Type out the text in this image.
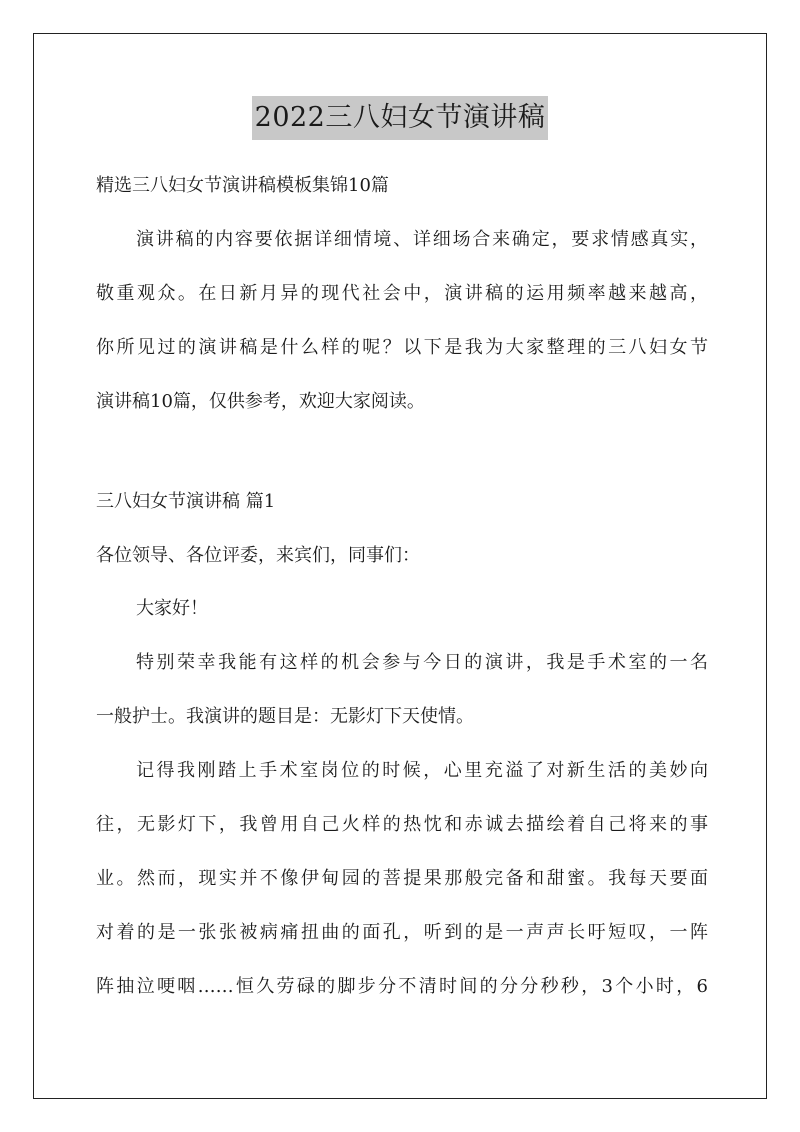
2022三八妇女节演讲稿
精选三八妇女节演讲稿模板集锦10篇
演讲稿的内容要依据详细情境、详细场合来确定，要求情感真实，
敬重观众。在日新月异的现代社会中，演讲稿的运用频率越来越高，
你所见过的演讲稿是什么样的呢？以下是我为大家整理的三八妇女节
演讲稿10篇，仅供参考，欢迎大家阅读。
三八妇女节演讲稿 篇1
各位领导、各位评委，来宾们，同事们：
大家好！
特别荣幸我能有这样的机会参与今日的演讲，我是手术室的一名
一般护士。我演讲的题目是：无影灯下天使情。
记得我刚踏上手术室岗位的时候，心里充溢了对新生活的美妙向
往，无影灯下，我曾用自己火样的热忱和赤诚去描绘着自己将来的事
业。然而，现实并不像伊甸园的菩提果那般完备和甜蜜。我每天要面
对着的是一张张被病痛扭曲的面孔，听到的是一声声长吁短叹，一阵
阵抽泣哽咽……恒久劳碌的脚步分不清时间的分分秒秒，3个小时，6
